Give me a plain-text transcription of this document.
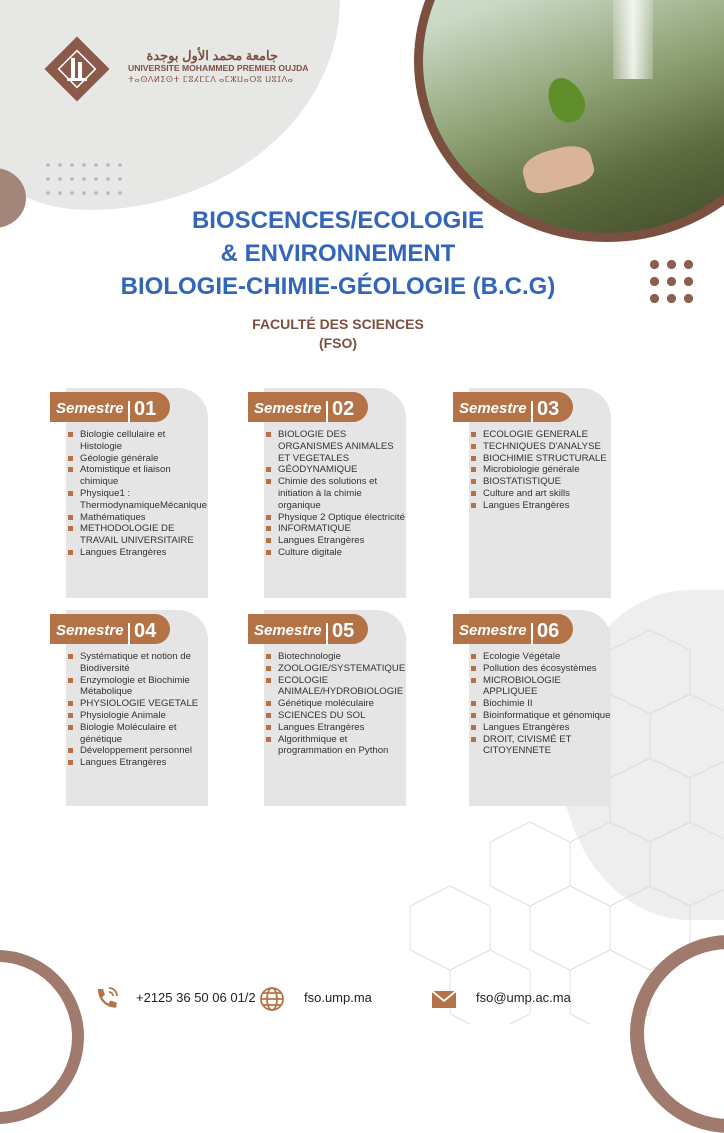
جامعة محمد الأول بوجدة
UNIVERSITE MOHAMMED PREMIER OUJDA
ⵜⴰⵙⴷⵍⵉⵙⵜ ⵎⵓⵃⵎⵎⴷ ⴰⵎⵣⵡⴰⵔⵓ ⵡⵓⵊⴷⴰ
BIOSCENCES/ECOLOGIE
& ENVIRONNEMENT
BIOLOGIE-CHIMIE-GÉOLOGIE (B.C.G)
FACULTÉ DES SCIENCES
(FSO)
Semestre 01
Biologie cellulaire et Histologie
Géologie générale
Atomistique et liaison chimique
Physique1 : ThermodynamiqueMécanique
Mathématiques
METHODOLOGIE DE TRAVAIL UNIVERSITAIRE
Langues Etrangères
Semestre 02
BIOLOGIE DES ORGANISMES ANIMALES ET VEGETALES
GÉODYNAMIQUE
Chimie des solutions et initiation à la chimie organique
Physique 2 Optique électricité
INFORMATIQUE
Langues Etrangères
Culture digitale
Semestre 03
ECOLOGIE GENERALE
TECHNIQUES D'ANALYSE
BIOCHIMIE STRUCTURALE
Microbiologie générale
BIOSTATISTIQUE
Culture and art skills
Langues Etrangères
Semestre 04
Systématique et notion de Biodiversité
Enzymologie et Biochimie Métabolique
PHYSIOLOGIE VEGETALE
Physiologie Animale
Biologie Moléculaire et génétique
Développement personnel
Langues Etrangères
Semestre 05
Biotechnologie
ZOOLOGIE/SYSTEMATIQUE
ECOLOGIE ANIMALE/HYDROBIOLOGIE
Génétique moléculaire
SCIENCES DU SOL
Langues Etrangères
Algorithmique et programmation en Python
Semestre 06
Ecologie Végétale
Pollution des écosystèmes
MICROBIOLOGIE APPLIQUEE
Biochimie II
Bioinformatique et génomique
Langues Etrangères
DROIT, CIVISMÉ ET CITOYENNETE
+2125 36 50 06 01/2	fso.ump.ma	fso@ump.ac.ma
